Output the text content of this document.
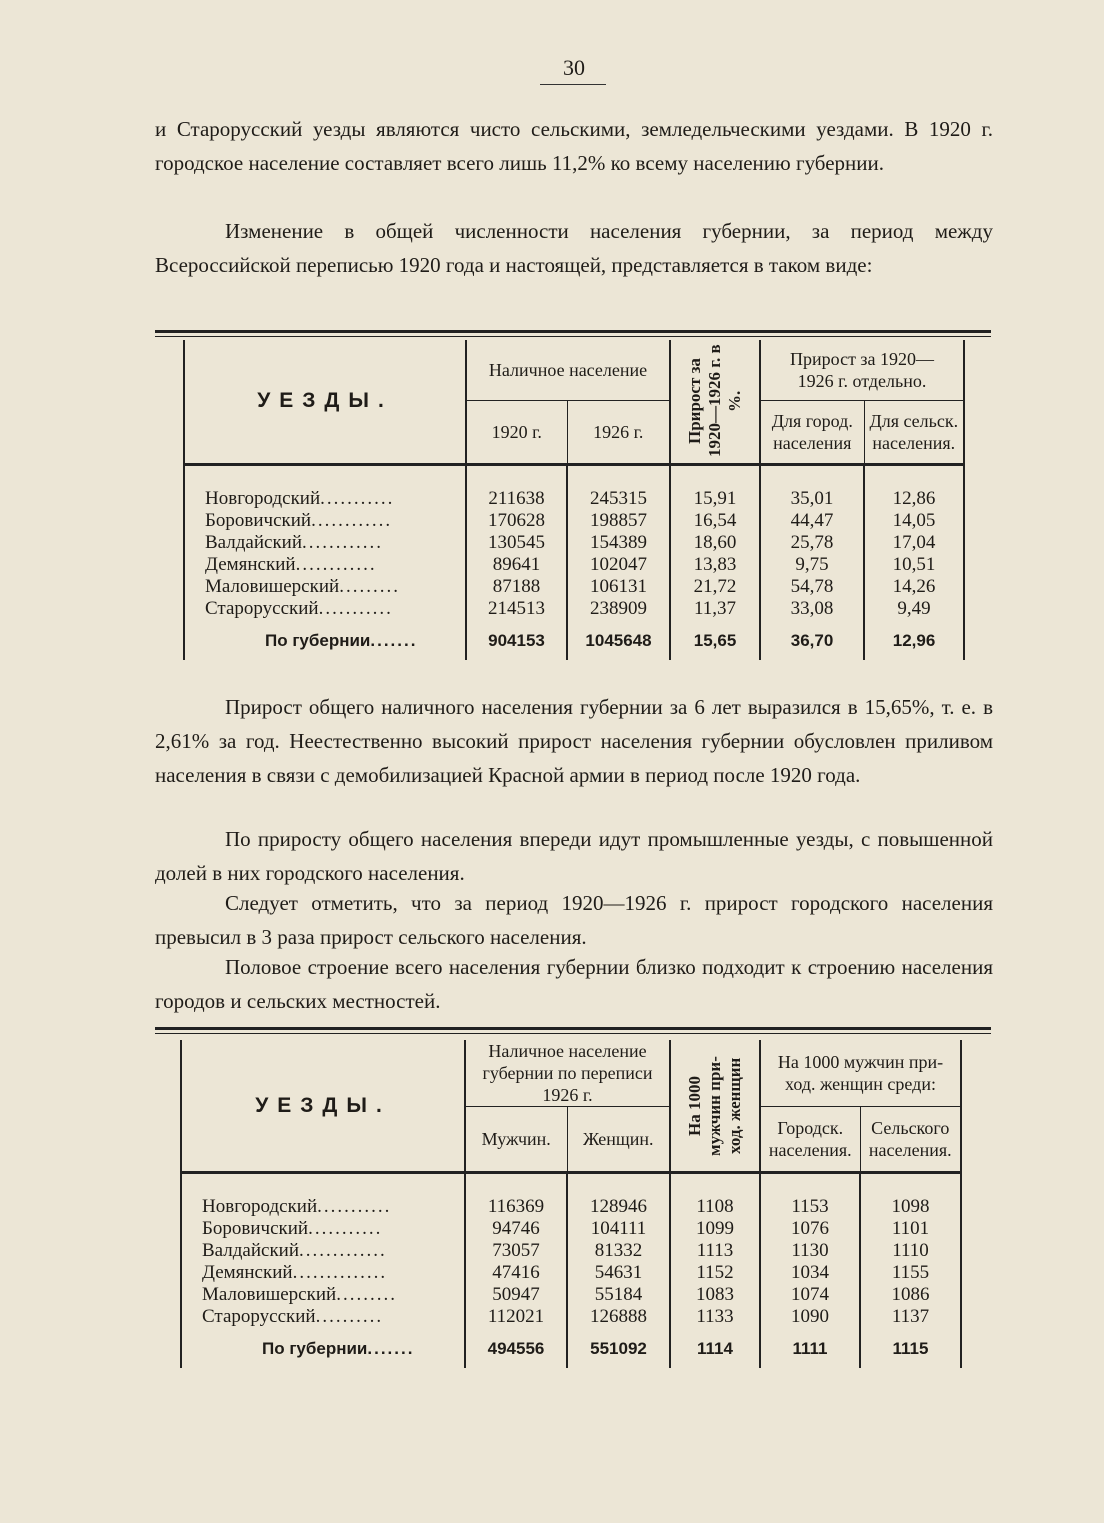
30

и Старорусский уезды являются чисто сельскими, земледельческими уездами. В 1920 г. городское население составляет всего лишь 11,2% ко всему населению губернии.

Изменение в общей численности населения губернии, за период между Всероссийской переписью 1920 года и настоящей, представляется в таком виде:

УЕЗДЫ.	Наличное население		Прирост за 1920—1926 г. в %.	Прирост за 1920—1926 г. отдельно.	
	1920 г.	1926 г.		Для город. населения	Для сельск. населения.

Новгородский...........	211638	245315	15,91	35,01	12,86
Боровичский............	170628	198857	16,54	44,47	14,05
Валдайский............	130545	154389	18,60	25,78	17,04
Демянский............	89641	102047	13,83	9,75	10,51
Маловишерский.........	87188	106131	21,72	54,78	14,26
Старорусский...........	214513	238909	11,37	33,08	9,49
По губернии.......	904153	1045648	15,65	36,70	12,96

Прирост общего наличного населения губернии за 6 лет выразился в 15,65%, т. е. в 2,61% за год. Неестественно высокий прирост населения губернии обусловлен приливом населения в связи с демобилизацией Красной армии в период после 1920 года.

По приросту общего населения впереди идут промышленные уезды, с повышенной долей в них городского населения.

Следует отметить, что за период 1920—1926 г. прирост городского населения превысил в 3 раза прирост сельского населения.

Половое строение всего населения губернии близко подходит к строению населения городов и сельских местностей.

УЕЗДЫ.	Наличное население губернии по переписи 1926 г.		На 1000 мужчин при-ход. женщин	На 1000 мужчин при-ход. женщин среди:	
	Мужчин.	Женщин.		Городск. населения.	Сельского населения.

Новгородский...........	116369	128946	1108	1153	1098
Боровичский...........	94746	104111	1099	1076	1101
Валдайский.............	73057	81332	1113	1130	1110
Демянский..............	47416	54631	1152	1034	1155
Маловишерский.........	50947	55184	1083	1074	1086
Старорусский..........	112021	126888	1133	1090	1137
По губернии.......	494556	551092	1114	1111	1115
